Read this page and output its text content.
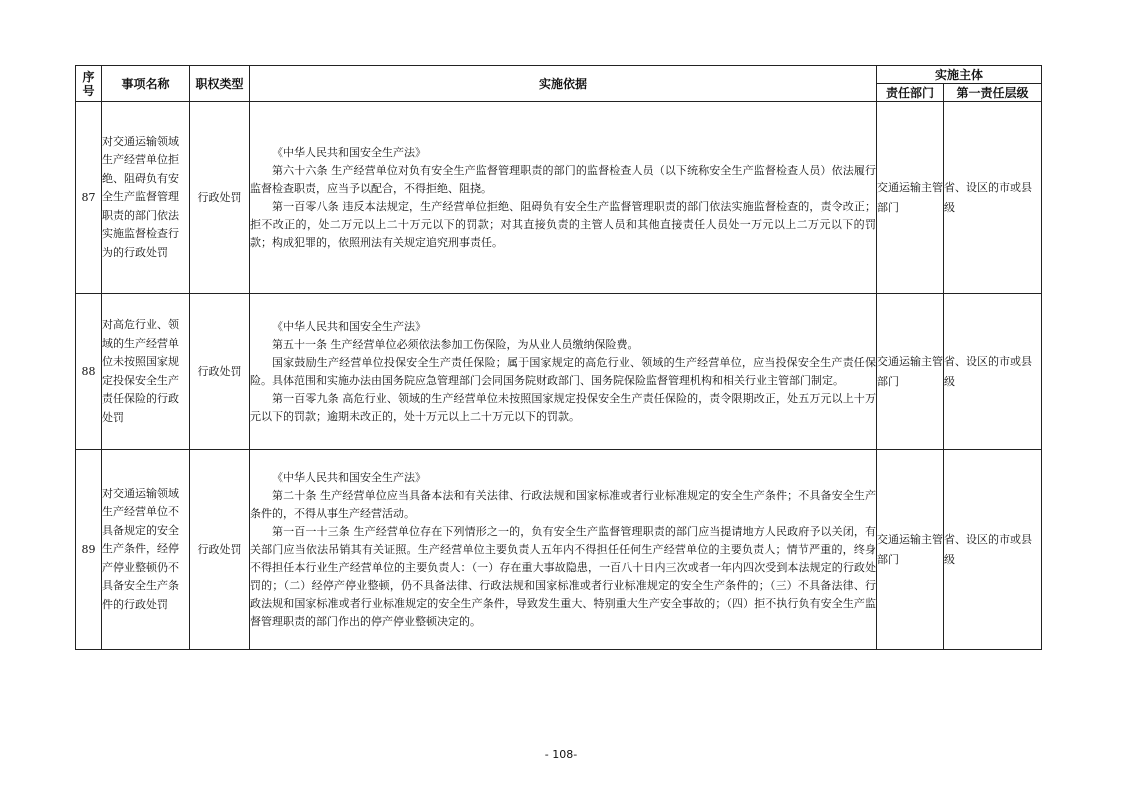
序号	事项名称	职权类型	实施依据	实施主体	
				责任部门	第一责任层级
87	对交通运输领域生产经营单位拒绝、阻碍负有安全生产监督管理职责的部门依法实施监督检查行为的行政处罚	行政处罚	《中华人民共和国安全生产法》

第六十六条 生产经营单位对负有安全生产监督管理职责的部门的监督检查人员（以下统称安全生产监督检查人员）依法履行监督检查职责，应当予以配合，不得拒绝、阻挠。

第一百零八条 违反本法规定，生产经营单位拒绝、阻碍负有安全生产监督管理职责的部门依法实施监督检查的，责令改正；拒不改正的，处二万元以上二十万元以下的罚款；对其直接负责的主管人员和其他直接责任人员处一万元以上二万元以下的罚款；构成犯罪的，依照刑法有关规定追究刑事责任。	交通运输主管部门	省、设区的市或县级
88	对高危行业、领域的生产经营单位未按照国家规定投保安全生产责任保险的行政处罚	行政处罚	《中华人民共和国安全生产法》

第五十一条 生产经营单位必须依法参加工伤保险，为从业人员缴纳保险费。

国家鼓励生产经营单位投保安全生产责任保险；属于国家规定的高危行业、领域的生产经营单位，应当投保安全生产责任保险。具体范围和实施办法由国务院应急管理部门会同国务院财政部门、国务院保险监督管理机构和相关行业主管部门制定。

第一百零九条 高危行业、领域的生产经营单位未按照国家规定投保安全生产责任保险的，责令限期改正，处五万元以上十万元以下的罚款；逾期未改正的，处十万元以上二十万元以下的罚款。	交通运输主管部门	省、设区的市或县级
89	对交通运输领域生产经营单位不具备规定的安全生产条件，经停产停业整顿仍不具备安全生产条件的行政处罚	行政处罚	《中华人民共和国安全生产法》

第二十条 生产经营单位应当具备本法和有关法律、行政法规和国家标准或者行业标准规定的安全生产条件；不具备安全生产条件的，不得从事生产经营活动。

第一百一十三条 生产经营单位存在下列情形之一的，负有安全生产监督管理职责的部门应当提请地方人民政府予以关闭，有关部门应当依法吊销其有关证照。生产经营单位主要负责人五年内不得担任任何生产经营单位的主要负责人；情节严重的，终身不得担任本行业生产经营单位的主要负责人：（一）存在重大事故隐患，一百八十日内三次或者一年内四次受到本法规定的行政处罚的；（二）经停产停业整顿，仍不具备法律、行政法规和国家标准或者行业标准规定的安全生产条件的；（三）不具备法律、行政法规和国家标准或者行业标准规定的安全生产条件，导致发生重大、特别重大生产安全事故的；（四）拒不执行负有安全生产监督管理职责的部门作出的停产停业整顿决定的。	交通运输主管部门	省、设区的市或县级
- 108-
